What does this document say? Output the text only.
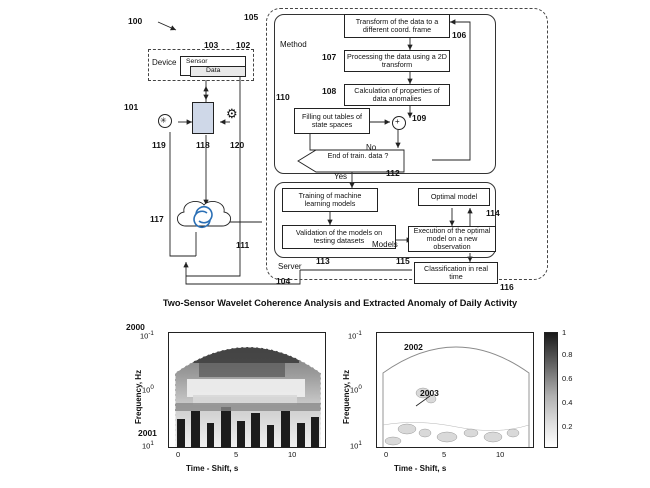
100
Device
103 102
Sensor
Data
101
✳
118
119	120
⚙
117
Server
105
104
111
Method
Transform of the data to a different coord. frame
106
Processing the data using a 2D transform
107
Calculation of properties of data anomalies
108
Filling out tables of state spaces
110
+ 109
End of train. data ?
No
Yes	112
Training of machine learning models
Validation of the models on testing datasets
113
Optimal model
114
Execution of the optimal model on a new observation
Models
115
Classification in real time
116
Two-Sensor Wavelet Coherence Analysis and Extracted Anomaly of Daily Activity
2000
$10^{-1}$
$10^0$
$10^1$
2001
0	5	10
Time - Shift, s
Frequency, Hz
2002
2003
$10^{-1}$
$10^0$
$10^1$
0	5	10
Time - Shift, s
Frequency, Hz
1
0.8
0.6
0.4
0.2
